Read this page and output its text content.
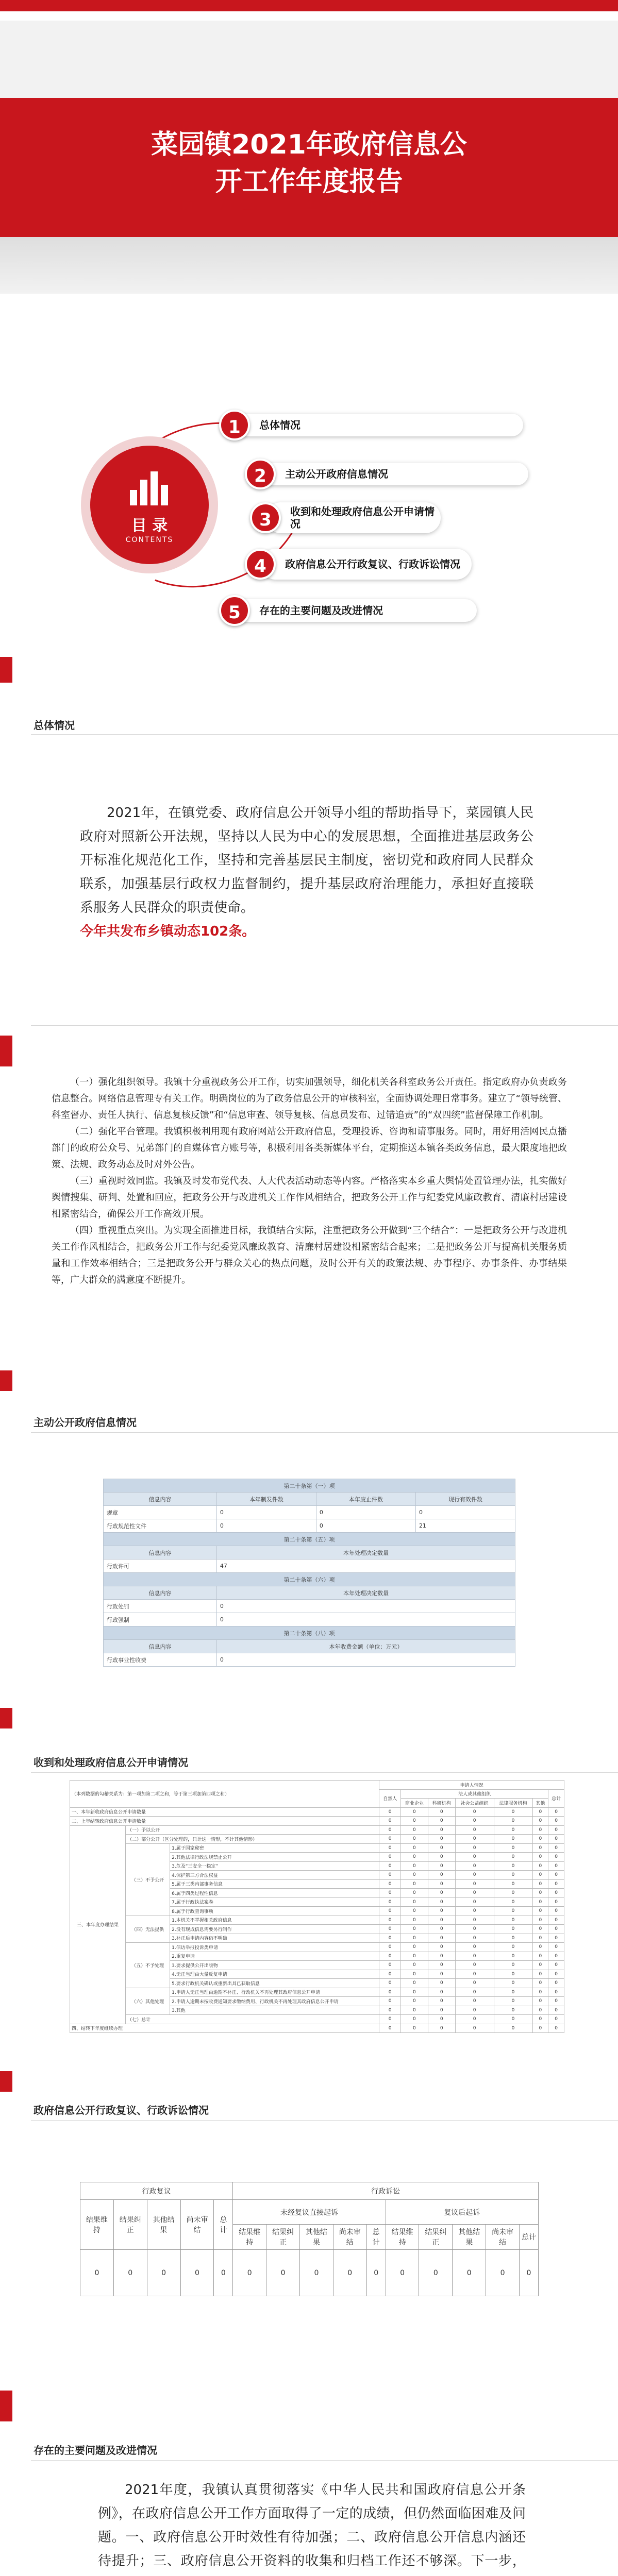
菜园镇2021年政府信息公
开工作年度报告
目 录
CONTENTS
1	总体情况
2	主动公开政府信息情况
3	收到和处理政府信息公开申请情况
4	政府信息公开行政复议、行政诉讼情况
5	存在的主要问题及改进情况
总体情况
2021年，在镇党委、政府信息公开领导小组的帮助指导下，菜园镇人民政府对照新公开法规，坚持以人民为中心的发展思想，全面推进基层政务公开标准化规范化工作，坚持和完善基层民主制度，密切党和政府同人民群众联系，加强基层行政权力监督制约，提升基层政府治理能力，承担好直接联系服务人民群众的职责使命。
今年共发布乡镇动态102条。

（一）强化组织领导。我镇十分重视政务公开工作，切实加强领导，细化机关各科室政务公开责任。指定政府办负责政务信息整合。网络信息管理专有关工作。明确岗位的为了政务信息公开的审核科室，全面协调处理日常事务。建立了“领导统管、科室督办、责任人执行、信息复核反馈”和“信息审查、领导复核、信息员发布、过错追责”的“双四统”监督保障工作机制。

（二）强化平台管理。我镇积极利用现有政府网站公开政府信息，受理投诉、咨询和请事服务。同时，用好用活网民点播部门的政府公众号、兄弟部门的自媒体官方账号等，积极利用各类新媒体平台，定期推送本镇各类政务信息，最大限度地把政策、法规、政务动态及时对外公告。

（三）重视时效同监。我镇及时发布党代表、人大代表活动动态等内容。严格落实本乡重大舆情处置管理办法，扎实做好舆情搜集、研判、处置和回应，把政务公开与改进机关工作作风相结合，把政务公开工作与纪委党风廉政教育、清廉村居建设相紧密结合，确保公开工作高效开展。

（四）重视重点突出。为实现全面推进目标，我镇结合实际，注重把政务公开做到“三个结合”：一是把政务公开与改进机关工作作风相结合，把政务公开工作与纪委党风廉政教育、清廉村居建设相紧密结合起来；二是把政务公开与提高机关服务质量和工作效率相结合；三是把政务公开与群众关心的热点问题，及时公开有关的政策法规、办事程序、办事条件、办事结果等，广大群众的满意度不断提升。

主动公开政府信息情况
第二十条第（一）项			
信息内容	本年制发件数	本年废止件数	现行有效件数
规章	0	0	0
行政规范性文件	0	0	21
第二十条第（五）项			
信息内容	本年处理决定数量		
行政许可	47		
第二十条第（六）项			
信息内容	本年处理决定数量		
行政处罚	0		
行政强制	0		
第二十条第（八）项			
信息内容	本年收费金额（单位：万元）		
行政事业性收费	0		
收到和处理政府信息公开申请情况
（本列数据的勾稽关系为：第一项加第二项之和，等于第三项加第四项之和）			申请人情况						
			自然人	法人或其他组织					总计
				商业企业	科研机构	社会公益组织	法律服务机构	其他	
一、本年新收政府信息公开申请数量			0	0	0	0	0	0	0
二、上年结转政府信息公开申请数量			0	0	0	0	0	0	0
三、本年度办理结果	（一）予以公开		0	0	0	0	0	0	0
	（二）部分公开（区分处理的，只计这一情形，不计其他情形）		0	0	0	0	0	0	0
	（三）不予公开	1.属于国家秘密	0	0	0	0	0	0	0
		2.其他法律行政法规禁止公开	0	0	0	0	0	0	0
		3.危及“三安全一稳定”	0	0	0	0	0	0	0
		4.保护第三方合法权益	0	0	0	0	0	0	0
		5.属于三类内部事务信息	0	0	0	0	0	0	0
		6.属于四类过程性信息	0	0	0	0	0	0	0
		7.属于行政执法案卷	0	0	0	0	0	0	0
		8.属于行政查询事项	0	0	0	0	0	0	0
	（四）无法提供	1.本机关不掌握相关政府信息	0	0	0	0	0	0	0
		2.没有现成信息需要另行制作	0	0	0	0	0	0	0
		3.补正后申请内容仍不明确	0	0	0	0	0	0	0
	（五）不予处理	1.信访举报投诉类申请	0	0	0	0	0	0	0
		2.重复申请	0	0	0	0	0	0	0
		3.要求提供公开出版物	0	0	0	0	0	0	0
		4.无正当理由大量反复申请	0	0	0	0	0	0	0
		5.要求行政机关确认或重新出具已获取信息	0	0	0	0	0	0	0
	（六）其他处理	1.申请人无正当理由逾期不补正、行政机关不再处理其政府信息公开申请	0	0	0	0	0	0	0
		2.申请人逾期未按收费通知要求缴纳费用、行政机关不再处理其政府信息公开申请	0	0	0	0	0	0	0
		3.其他	0	0	0	0	0	0	0
	（七）总计		0	0	0	0	0	0	0
四、结转下年度继续办理			0	0	0	0	0	0	0
政府信息公开行政复议、行政诉讼情况
行政复议					行政诉讼									
结果维持	结果纠正	其他结果	尚未审结	总计	未经复议直接起诉					复议后起诉				
					结果维持	结果纠正	其他结果	尚未审结	总计	结果维持	结果纠正	其他结果	尚未审结	总计
0	0	0	0	0	0	0	0	0	0	0	0	0	0	0
存在的主要问题及改进情况

2021年度，我镇认真贯彻落实《中华人民共和国政府信息公开条例》，在政府信息公开工作方面取得了一定的成绩，但仍然面临困难及问题。一、政府信息公开时效性有待加强；二、政府信息公开信息内涵还待提升；三、政府信息公开资料的收集和归档工作还不够深。下一步，
